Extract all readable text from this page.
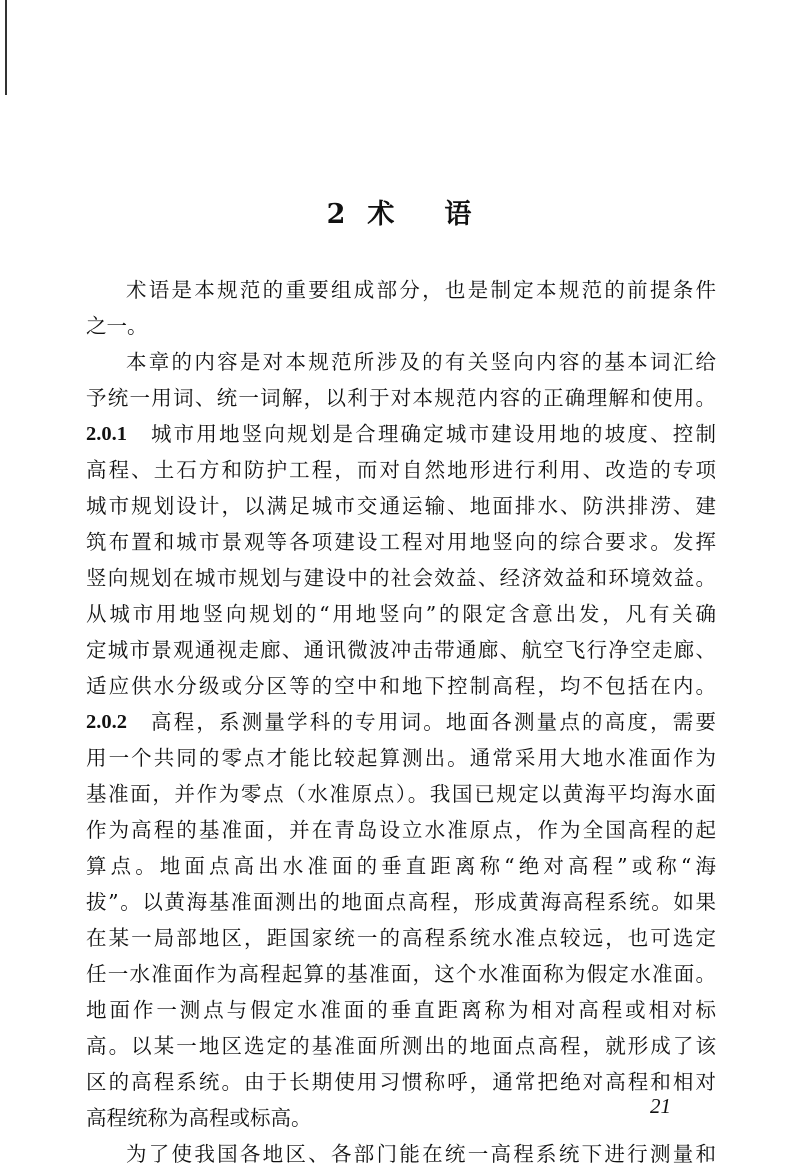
2 术 语
术语是本规范的重要组成部分，也是制定本规范的前提条件
之一。
本章的内容是对本规范所涉及的有关竖向内容的基本词汇给
予统一用词、统一词解，以利于对本规范内容的正确理解和使用。
2.0.1 城市用地竖向规划是合理确定城市建设用地的坡度、控制
高程、土石方和防护工程，而对自然地形进行利用、改造的专项
城市规划设计，以满足城市交通运输、地面排水、防洪排涝、建
筑布置和城市景观等各项建设工程对用地竖向的综合要求。发挥
竖向规划在城市规划与建设中的社会效益、经济效益和环境效益。
从城市用地竖向规划的“用地竖向”的限定含意出发，凡有关确
定城市景观通视走廊、通讯微波冲击带通廊、航空飞行净空走廊、
适应供水分级或分区等的空中和地下控制高程，均不包括在内。
2.0.2 高程，系测量学科的专用词。地面各测量点的高度，需要
用一个共同的零点才能比较起算测出。通常采用大地水准面作为
基准面，并作为零点（水准原点）。我国已规定以黄海平均海水面
作为高程的基准面，并在青岛设立水准原点，作为全国高程的起
算点。地面点高出水准面的垂直距离称“绝对高程”或称“海
拔”。以黄海基准面测出的地面点高程，形成黄海高程系统。如果
在某一局部地区，距国家统一的高程系统水准点较远，也可选定
任一水准面作为高程起算的基准面，这个水准面称为假定水准面。
地面作一测点与假定水准面的垂直距离称为相对高程或相对标
高。以某一地区选定的基准面所测出的地面点高程，就形成了该
区的高程系统。由于长期使用习惯称呼，通常把绝对高程和相对
高程统称为高程或标高。
为了使我国各地区、各部门能在统一高程系统下进行测量和
21
